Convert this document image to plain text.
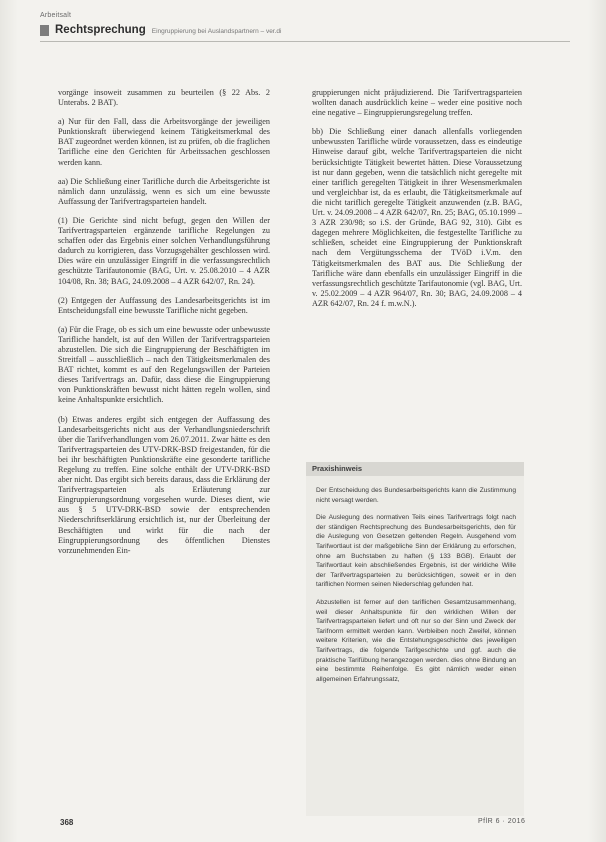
Arbeitsalt
Rechtsprechung Eingruppierung bei Auslandspartnern – ver.di

vorgänge insoweit zusammen zu beurteilen (§ 22 Abs. 2 Unterabs. 2 BAT).

a) Nur für den Fall, dass die Arbeitsvorgänge der jeweiligen Punktionskraft überwiegend keinem Tätigkeitsmerkmal des BAT zugeordnet werden können, ist zu prüfen, ob die fraglichen Tarifliche eine den Gerichten für Arbeitssachen geschlossen werden kann.

aa) Die Schließung einer Tarifliche durch die Arbeitsgerichte ist nämlich dann unzulässig, wenn es sich um eine bewusste Auffassung der Tarifvertragsparteien handelt.

(1) Die Gerichte sind nicht befugt, gegen den Willen der Tarifvertragsparteien ergänzende tarifliche Regelungen zu schaffen oder das Ergebnis einer solchen Verhandlungsführung dadurch zu korrigieren, dass Vorzugsgehälter geschlossen wird. Dies wäre ein unzulässiger Eingriff in die verfassungsrechtlich geschützte Tarifautonomie (BAG, Urt. v. 25.08.2010 – 4 AZR 104/08, Rn. 38; BAG, 24.09.2008 – 4 AZR 642/07, Rn. 24).

(2) Entgegen der Auffassung des Landesarbeitsgerichts ist im Entscheidungsfall eine bewusste Tarifliche nicht gegeben.

(a) Für die Frage, ob es sich um eine bewusste oder unbewusste Tarifliche handelt, ist auf den Willen der Tarifvertragsparteien abzustellen. Die sich die Eingruppierung der Beschäftigten im Streitfall – ausschließlich – nach den Tätigkeitsmerkmalen des BAT richtet, kommt es auf den Regelungswillen der Parteien dieses Tarifvertrags an. Dafür, dass diese die Eingruppierung von Punktionskräften bewusst nicht hätten regeln wollen, sind keine Anhaltspunkte ersichtlich.

(b) Etwas anderes ergibt sich entgegen der Auffassung des Landesarbeitsgerichts nicht aus der Verhandlungsniederschrift über die Tarifverhandlungen vom 26.07.2011. Zwar hätte es den Tarifvertragsparteien des UTV-DRK-BSD freigestanden, für die bei ihr beschäftigten Punktionskräfte eine gesonderte tarifliche Regelung zu treffen. Eine solche enthält der UTV-DRK-BSD aber nicht. Das ergibt sich bereits daraus, dass die Erklärung der Tarifvertragsparteien als Erläuterung zur Eingruppierungsordnung vorgesehen wurde. Dieses dient, wie aus § 5 UTV-DRK-BSD sowie der entsprechenden Niederschriftserklärung ersichtlich ist, nur der Überleitung der Beschäftigten und wirkt für die nach der Eingruppierungsordnung des öffentlichen Dienstes vorzunehmenden Ein-

gruppierungen nicht präjudizierend. Die Tarifvertragsparteien wollten danach ausdrücklich keine – weder eine positive noch eine negative – Eingruppierungsregelung treffen.

bb) Die Schließung einer danach allenfalls vorliegenden unbewussten Tarifliche würde voraussetzen, dass es eindeutige Hinweise darauf gibt, welche Tarifvertragsparteien die nicht berücksichtigte Tätigkeit bewertet hätten. Diese Voraussetzung ist nur dann gegeben, wenn die tatsächlich nicht geregelte mit einer tariflich geregelten Tätigkeit in ihrer Wesensmerkmalen und vergleichbar ist, da es erlaubt, die Tätigkeitsmerkmale auf die nicht tariflich geregelte Tätigkeit anzuwenden (z.B. BAG, Urt. v. 24.09.2008 – 4 AZR 642/07, Rn. 25; BAG, 05.10.1999 – 3 AZR 230/98; so i.S. der Gründe, BAG 92, 310). Gibt es dagegen mehrere Möglichkeiten, die festgestellte Tarifliche zu schließen, scheidet eine Eingruppierung der Punktionskraft nach dem Vergütungsschema der TVöD i.V.m. den Tätigkeitsmerkmalen des BAT aus. Die Schließung der Tarifliche wäre dann ebenfalls ein unzulässiger Eingriff in die verfassungsrechtlich geschützte Tarifautonomie (vgl. BAG, Urt. v. 25.02.2009 – 4 AZR 964/07, Rn. 30; BAG, 24.09.2008 – 4 AZR 642/07, Rn. 24 f. m.w.N.).

Praxishinweis

Der Entscheidung des Bundesarbeitsgerichts kann die Zustimmung nicht versagt werden.

Die Auslegung des normativen Teils eines Tarifvertrags folgt nach der ständigen Rechtsprechung des Bundesarbeitsgerichts, den für die Auslegung von Gesetzen geltenden Regeln. Ausgehend vom Tarifwortlaut ist der maßgebliche Sinn der Erklärung zu erforschen, ohne am Buchstaben zu haften (§ 133 BGB). Erlaubt der Tarifwortlaut kein abschließendes Ergebnis, ist der wirkliche Wille der Tarifvertragsparteien zu berücksichtigen, soweit er in den tariflichen Normen seinen Niederschlag gefunden hat.

Abzustellen ist ferner auf den tariflichen Gesamtzusammenhang, weil dieser Anhaltspunkte für den wirklichen Willen der Tarifvertragsparteien liefert und oft nur so der Sinn und Zweck der Tarifnorm ermittelt werden kann. Verbleiben noch Zweifel, können weitere Kriterien, wie die Entstehungsgeschichte des jeweiligen Tarifvertrags, die folgende Tarifgeschichte und ggf. auch die praktische Tarifübung herangezogen werden. dies ohne Bindung an eine bestimmte Reihenfolge. Es gibt nämlich weder einen allgemeinen Erfahrungssatz,

368	PflR 6 · 2016
